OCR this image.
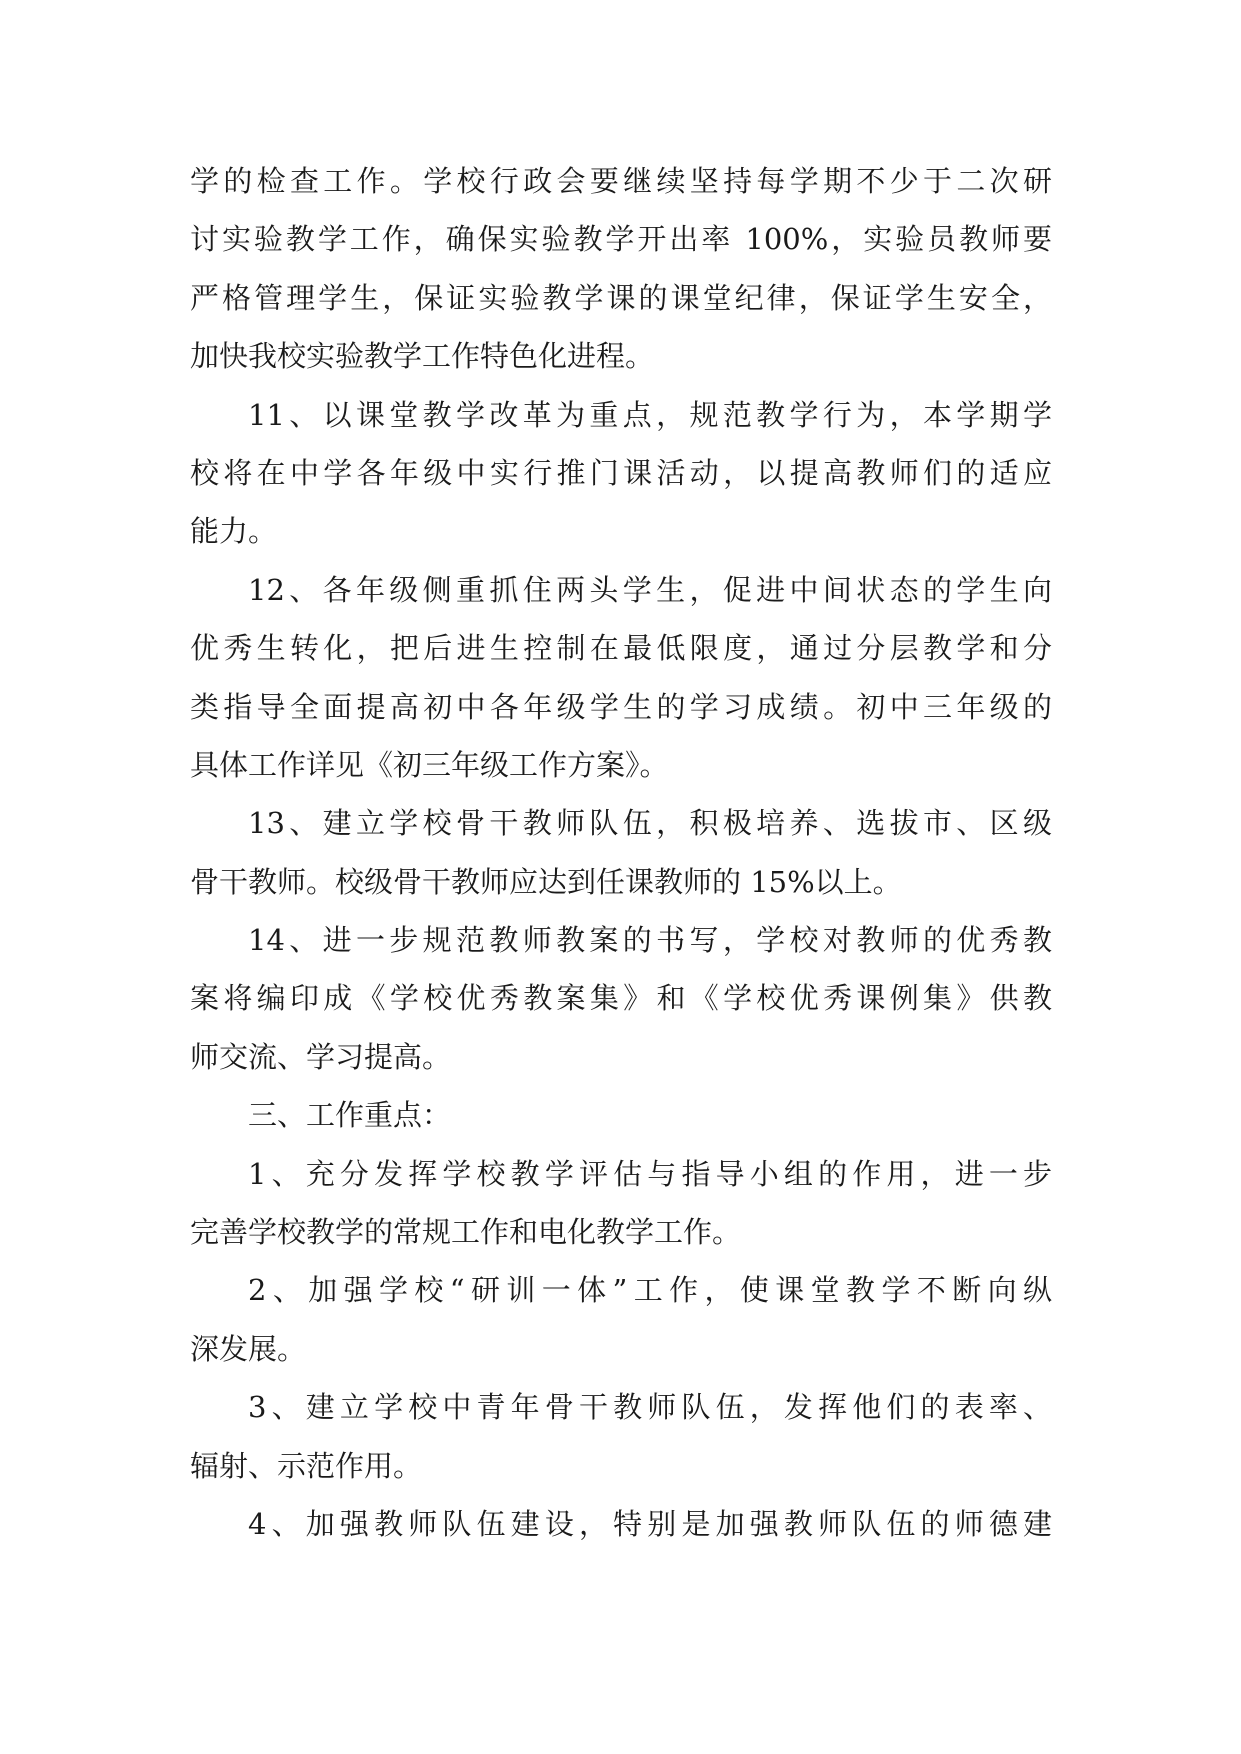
学的检查工作。学校行政会要继续坚持每学期不少于二次研
讨实验教学工作，确保实验教学开出率 100%，实验员教师要
严格管理学生，保证实验教学课的课堂纪律，保证学生安全，
加快我校实验教学工作特色化进程。
11、以课堂教学改革为重点，规范教学行为，本学期学
校将在中学各年级中实行推门课活动，以提高教师们的适应
能力。
12、各年级侧重抓住两头学生，促进中间状态的学生向
优秀生转化，把后进生控制在最低限度，通过分层教学和分
类指导全面提高初中各年级学生的学习成绩。初中三年级的
具体工作详见《初三年级工作方案》。
13、建立学校骨干教师队伍，积极培养、选拔市、区级
骨干教师。校级骨干教师应达到任课教师的 15%以上。
14、进一步规范教师教案的书写，学校对教师的优秀教
案将编印成《学校优秀教案集》和《学校优秀课例集》供教
师交流、学习提高。
三、工作重点：
1、充分发挥学校教学评估与指导小组的作用，进一步
完善学校教学的常规工作和电化教学工作。
2、加强学校“研训一体”工作，使课堂教学不断向纵
深发展。
3、建立学校中青年骨干教师队伍，发挥他们的表率、
辐射、示范作用。
4、加强教师队伍建设，特别是加强教师队伍的师德建
